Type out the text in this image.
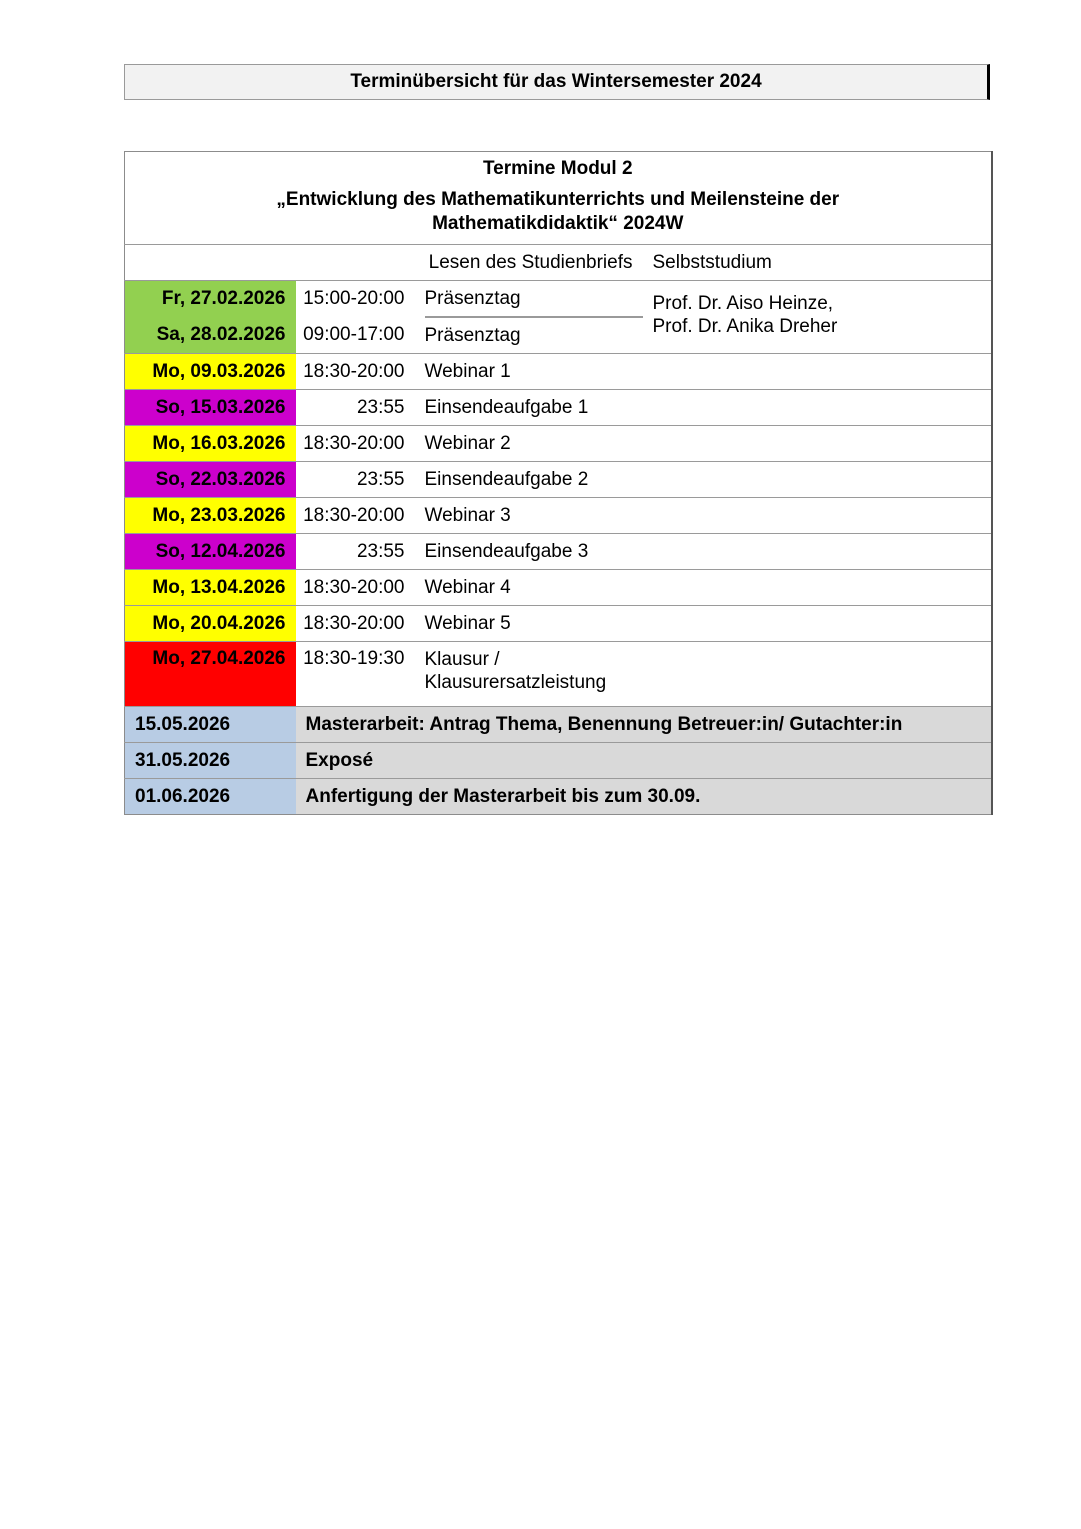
Terminübersicht für das Wintersemester 2024
Termine Modul 2
„Entwicklung des Mathematikunterrichts und Meilensteine der
Mathematikdidaktik“ 2024W			

Lesen des Studienbriefs			Selbststudium
Fr, 27.02.2026	15:00-20:00	Präsenztag	Prof. Dr. Aiso Heinze,
Prof. Dr. Anika Dreher

Sa, 28.02.2026	09:00-17:00	Präsenztag	
Mo, 09.03.2026	18:30-20:00	Webinar 1	
So, 15.03.2026	23:55	Einsendeaufgabe 1	
Mo, 16.03.2026	18:30-20:00	Webinar 2	
So, 22.03.2026	23:55	Einsendeaufgabe 2	
Mo, 23.03.2026	18:30-20:00	Webinar 3	
So, 12.04.2026	23:55	Einsendeaufgabe 3	
Mo, 13.04.2026	18:30-20:00	Webinar 4	
Mo, 20.04.2026	18:30-20:00	Webinar 5	
Mo, 27.04.2026	18:30-19:30	Klausur /
Klausurersatzleistung	

15.05.2026	Masterarbeit: Antrag Thema, Benennung Betreuer:in/ Gutachter:in		
31.05.2026	Exposé		
01.06.2026	Anfertigung der Masterarbeit bis zum 30.09.		
